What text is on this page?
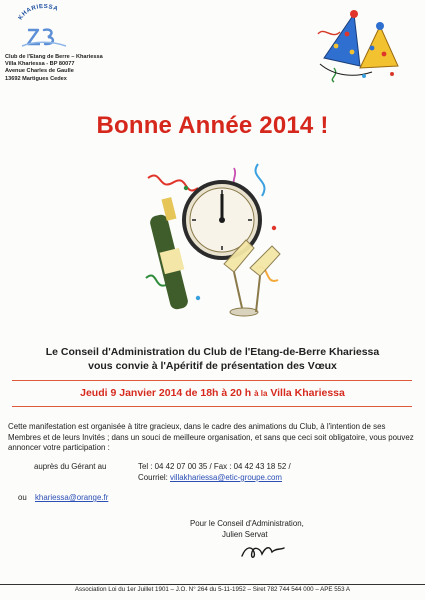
KHARIESSA
Club de l'Etang de Berre – Khariessa
Villa Khariessa - BP 80077
Avenue Charles de Gaulle
13692 Martigues Cedex
Bonne Année 2014 !
Le Conseil d'Administration du Club de l'Etang-de-Berre Khariessa
vous convie à l'Apéritif de présentation des Vœux
Jeudi 9 Janvier 2014 de 18h à 20 h à la Villa Khariessa
Cette manifestation est organisée à titre gracieux, dans le cadre des animations du Club, à l'intention de ses Membres et de leurs Invités ; dans un souci de meilleure organisation, et sans que ceci soit obligatoire, vous pouvez annoncer votre participation :
auprès du Gérant au	Tel : 04 42 07 00 35 / Fax : 04 42 43 18 52 /
Courriel: villakhariessa@etic-groupe.com
ou khariessa@orange.fr
Pour le Conseil d'Administration,
Julien Servat
Association Loi du 1er Juillet 1901 – J.O. N° 264 du 5-11-1952 – Siret 782 744 544 000 – APE 553 A
